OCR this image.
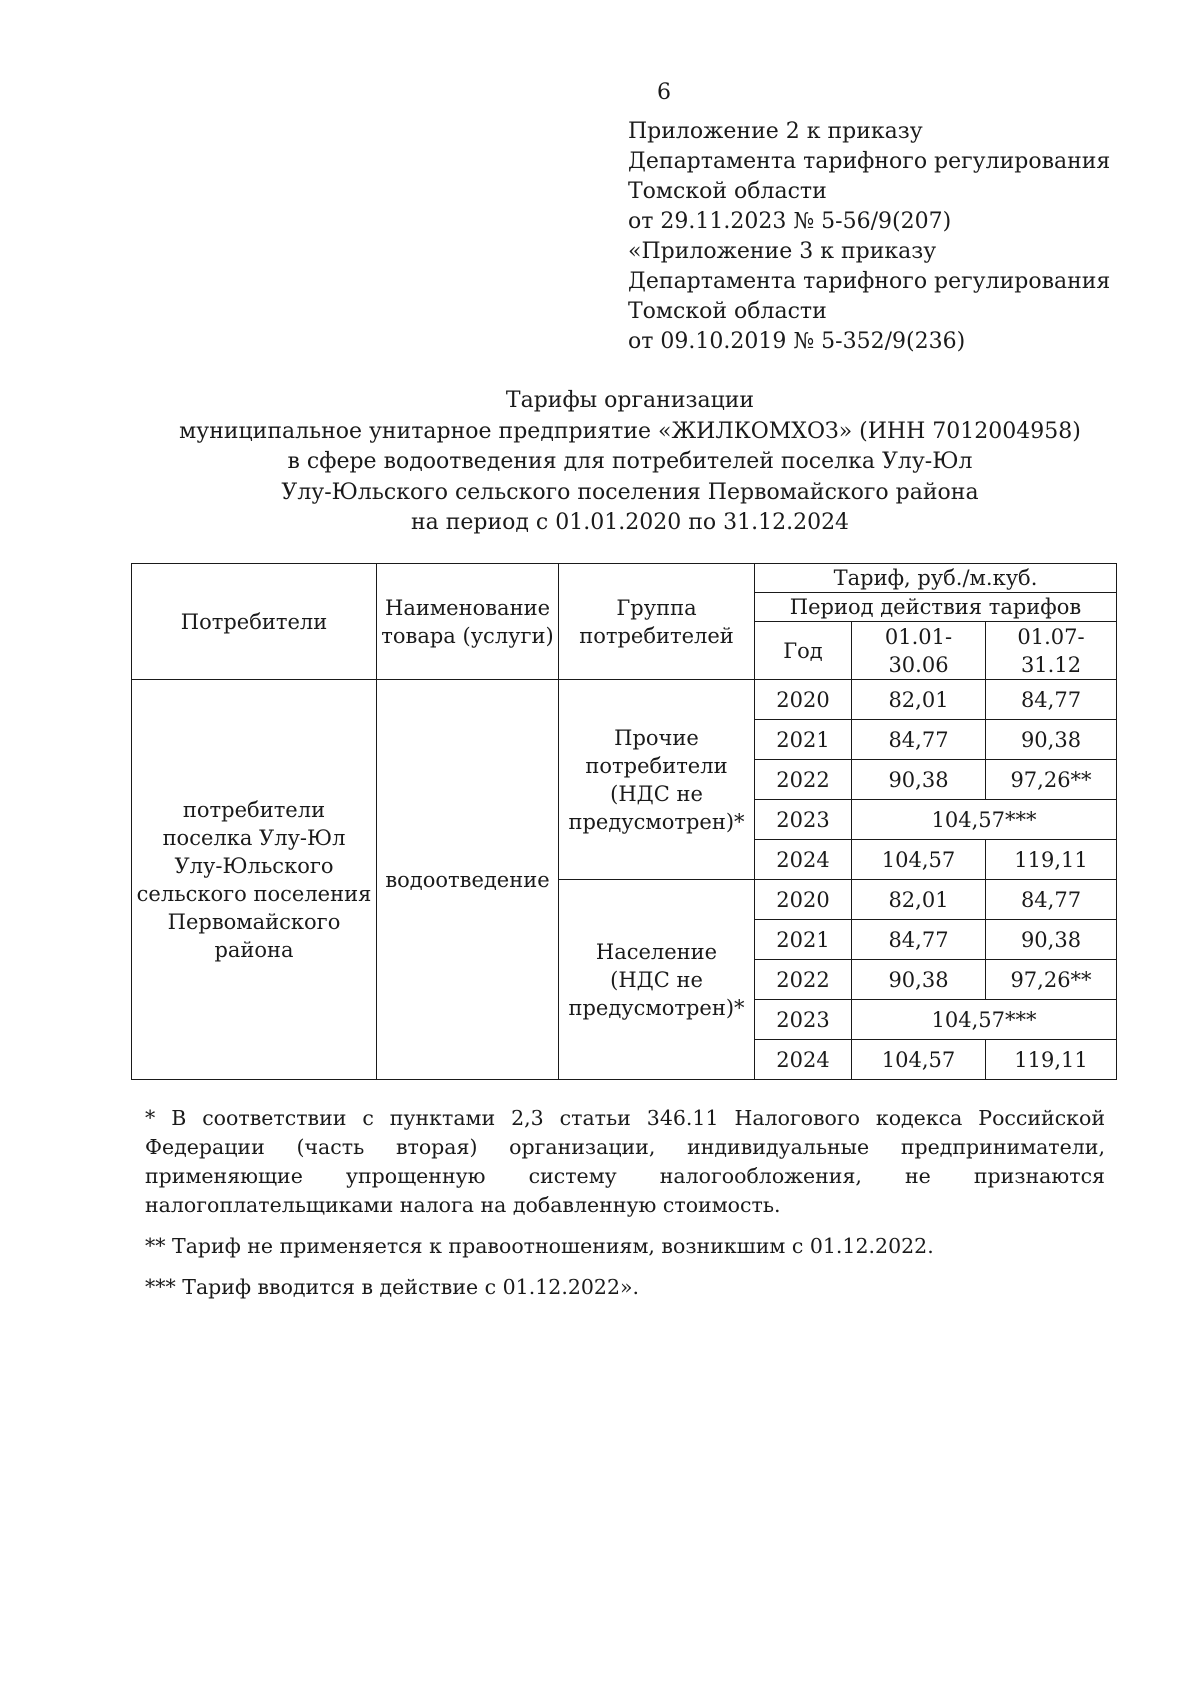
6
Приложение 2 к приказу
Департамента тарифного регулирования
Томской области
от 29.11.2023 № 5-56/9(207)
«Приложение 3 к приказу
Департамента тарифного регулирования
Томской области
от 09.10.2019 № 5-352/9(236)
Тарифы организации
муниципальное унитарное предприятие «ЖИЛКОМХОЗ» (ИНН 7012004958)
в сфере водоотведения для потребителей поселка Улу-Юл
Улу-Юльского сельского поселения Первомайского района
на период с 01.01.2020 по 31.12.2024
Потребители	Наименование товара (услуги)	Группа потребителей	Тариф, руб./м.куб.		
			Период действия тарифов		
			Год	01.01-30.06	01.07-31.12
потребители поселка Улу-Юл Улу-Юльского сельского поселения Первомайского района	водоотведение	Прочие потребители (НДС не предусмотрен)*	2020	82,01	84,77
			2021	84,77	90,38
			2022	90,38	97,26**
			2023	104,57***	
			2024	104,57	119,11
		Население (НДС не предусмотрен)*	2020	82,01	84,77
			2021	84,77	90,38
			2022	90,38	97,26**
			2023	104,57***	
			2024	104,57	119,11

* В соответствии с пунктами 2,3 статьи 346.11 Налогового кодекса Российской Федерации (часть вторая) организации, индивидуальные предприниматели, применяющие упрощенную систему налогообложения, не признаются налогоплательщиками налога на добавленную стоимость.

** Тариф не применяется к правоотношениям, возникшим с 01.12.2022.

*** Тариф вводится в действие с 01.12.2022».
